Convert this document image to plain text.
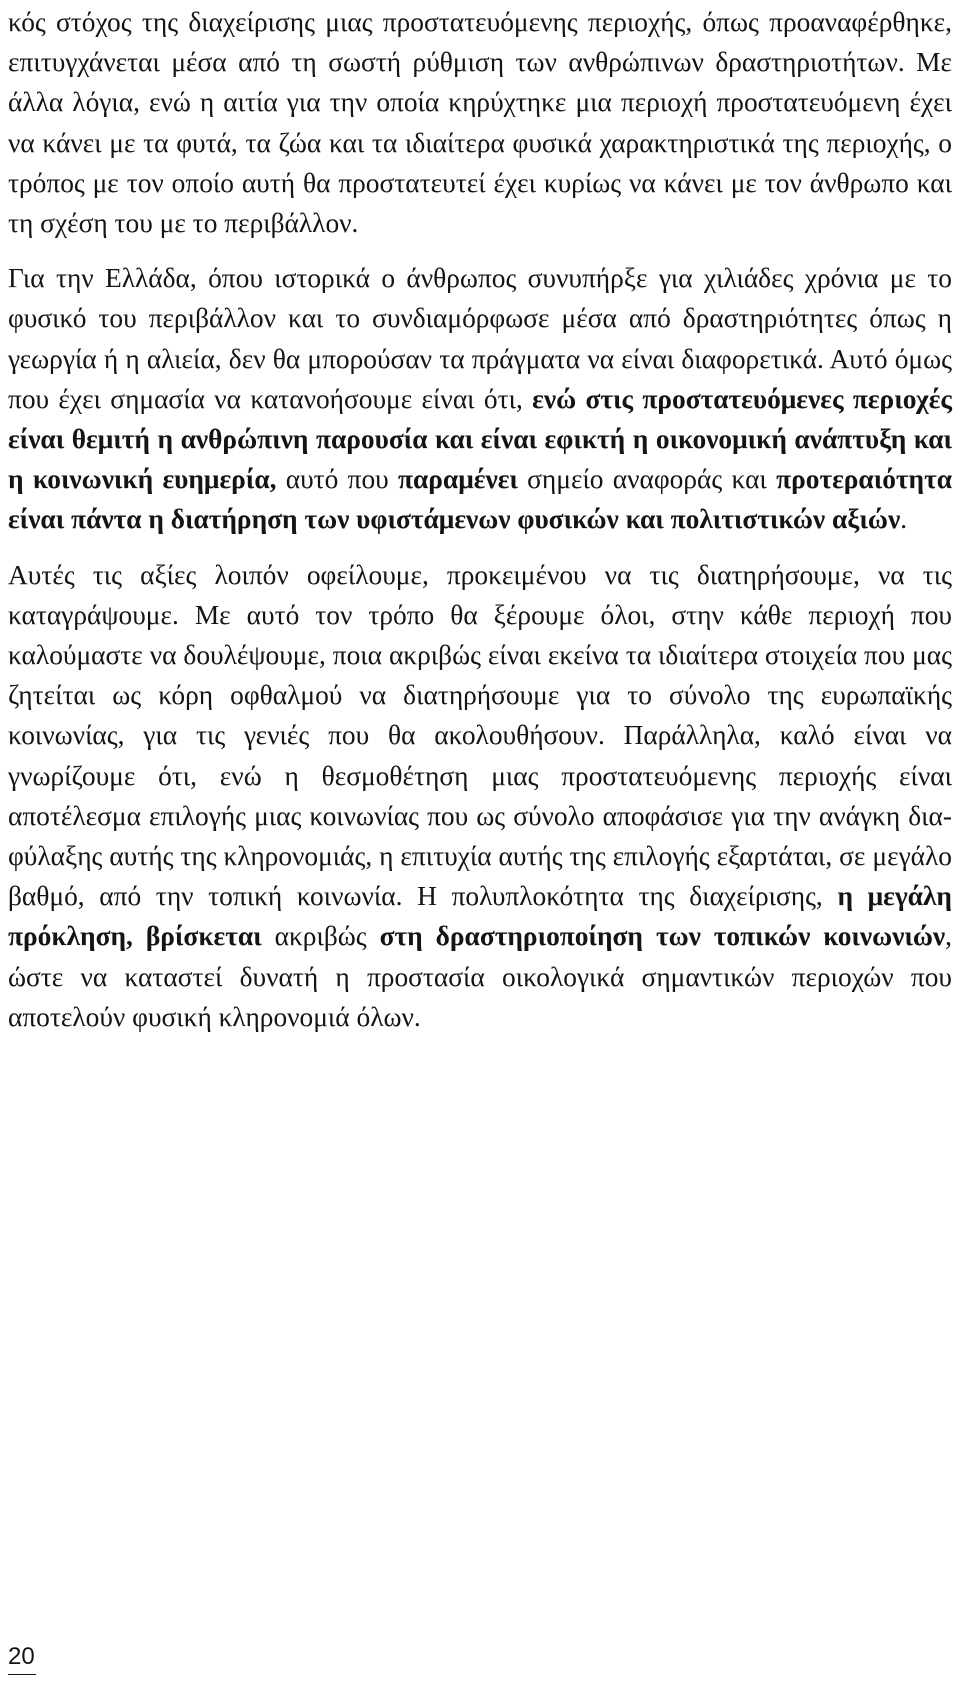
κός στόχος της διαχείρισης μιας προστατευόμενης περιοχής, όπως προαναφέρθηκε, επιτυγχάνεται μέσα από τη σωστή ρύθμιση των ανθρώπινων δραστηριοτήτων. Με άλλα λόγια, ενώ η αιτία για την οποία κηρύχτηκε μια περιοχή προστατευόμενη έχει να κάνει με τα φυτά, τα ζώα και τα ιδιαίτερα φυσικά χαρακτηριστικά της περιοχής, ο τρόπος με τον οποίο αυτή θα προστατευτεί έχει κυρίως να κάνει με τον άνθρωπο και τη σχέση του με το περιβάλλον.

Για την Ελλάδα, όπου ιστορικά ο άνθρωπος συνυπήρξε για χιλιάδες χρόνια με το φυσικό του περιβάλλον και το συνδιαμόρφωσε μέσα από δραστηριότητες όπως η γεωργία ή η αλιεία, δεν θα μπορούσαν τα πράγματα να είναι διαφορετικά. Αυτό όμως που έχει σημασία να κατανοήσουμε είναι ότι, ενώ στις προστατευόμενες περιοχές είναι θεμιτή η ανθρώπινη παρουσία και είναι εφικτή η οικονομική ανάπτυξη και η κοινωνική ευημερία, αυτό που παραμένει σημείο αναφοράς και προτεραιότητα είναι πάντα η διατήρηση των υφιστάμενων φυσικών και πολιτιστικών αξιών.

Αυτές τις αξίες λοιπόν οφείλουμε, προκειμένου να τις διατηρήσουμε, να τις καταγράψουμε. Με αυτό τον τρόπο θα ξέρουμε όλοι, στην κάθε περιοχή που καλούμαστε να δουλέψουμε, ποια ακριβώς είναι εκείνα τα ιδιαίτερα στοιχεία που μας ζητείται ως κόρη οφθαλμού να διατηρήσουμε για το σύνολο της ευρωπαϊκής κοινωνίας, για τις γενιές που θα ακολουθήσουν. Παράλληλα, καλό είναι να γνωρίζουμε ότι, ενώ η θεσμοθέτηση μιας προστατευόμενης περιοχής είναι αποτέλεσμα επιλογής μιας κοινωνίας που ως σύνολο αποφάσισε για την ανάγκη διαφύλαξης αυτής της κληρονομιάς, η επιτυχία αυτής της επιλογής εξαρτάται, σε μεγάλο βαθμό, από την τοπική κοινωνία. Η πολυπλοκότητα της διαχείρισης, η μεγάλη πρόκληση, βρίσκεται ακριβώς στη δραστηριοποίηση των τοπικών κοινωνιών, ώστε να καταστεί δυνατή η προστασία οικολογικά σημαντικών περιοχών που αποτελούν φυσική κληρονομιά όλων.

20
